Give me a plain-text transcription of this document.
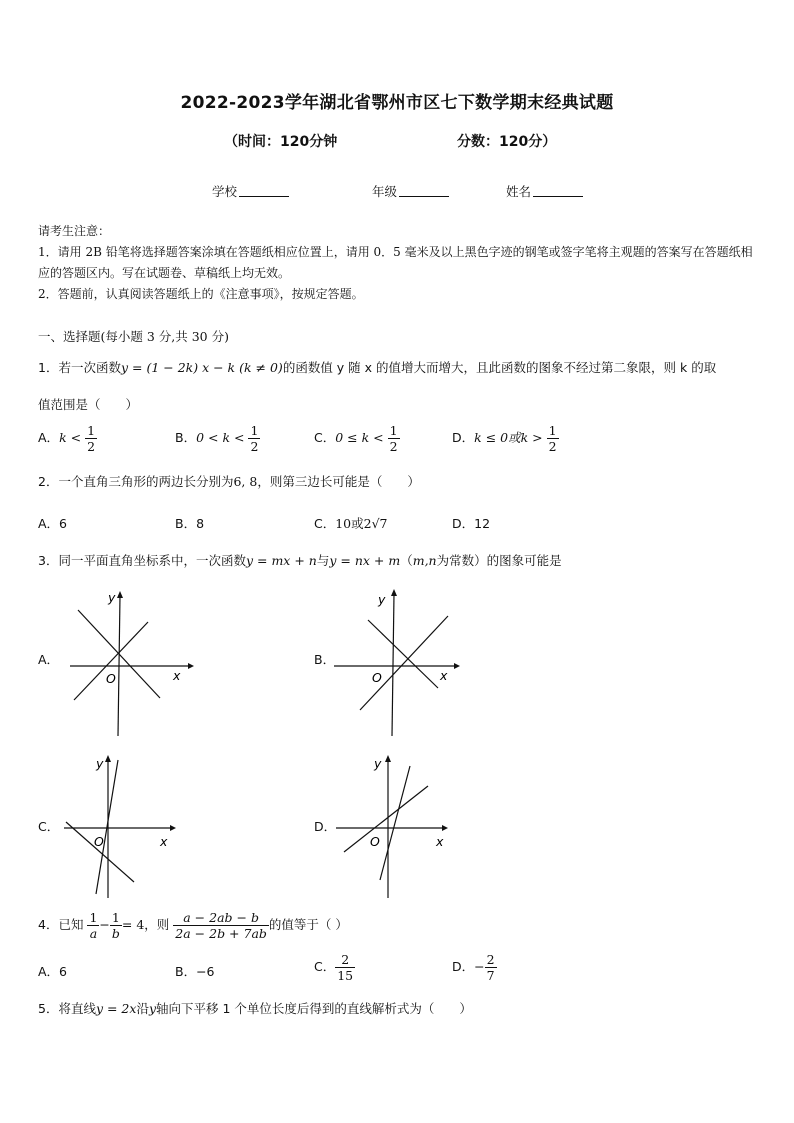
2022-2023学年湖北省鄂州市区七下数学期末经典试题
（时间：120分钟	分数：120分）
学校	年级	姓名
请考生注意：
1．请用 2B 铅笔将选择题答案涂填在答题纸相应位置上，请用 0．5 毫米及以上黑色字迹的钢笔或签字笔将主观题的答案写在答题纸相应的答题区内。写在试题卷、草稿纸上均无效。
2．答题前，认真阅读答题纸上的《注意事项》，按规定答题。
一、选择题(每小题 3 分,共 30 分)
1．若一次函数y = (1 − 2k) x − k (k ≠ 0)的函数值 y 随 x 的值增大而增大，且此函数的图象不经过第二象限，则 k 的取
值范围是（　　）
A．$k < \frac{1}{2}$	B．$0 < k < \frac{1}{2}$	C．$0 \le k < \frac{1}{2}$	D．k ≤ 0或$k > \frac{1}{2}$
2．一个直角三角形的两边长分别为6, 8，则第三边长可能是（　　）
A．6	B．8	C．10或2√7	D．12
3．同一平面直角坐标系中，一次函数y = mx + n与y = nx + m（m,n为常数）的图象可能是
A．	B．
C．	D．
x
y
O	x
y
O
x
y
O	x
y
O
4．已知 $\frac{1}{a} - \frac{1}{b} = 4$，则 $\frac{a - 2ab - b}{2a - 2b + 7ab}$ 的值等于（ ）
A．6	B．−6	C． $\frac{2}{15}$	D．− $\frac{2}{7}$
5．将直线y = 2x沿y轴向下平移 1 个单位长度后得到的直线解析式为（　　）
